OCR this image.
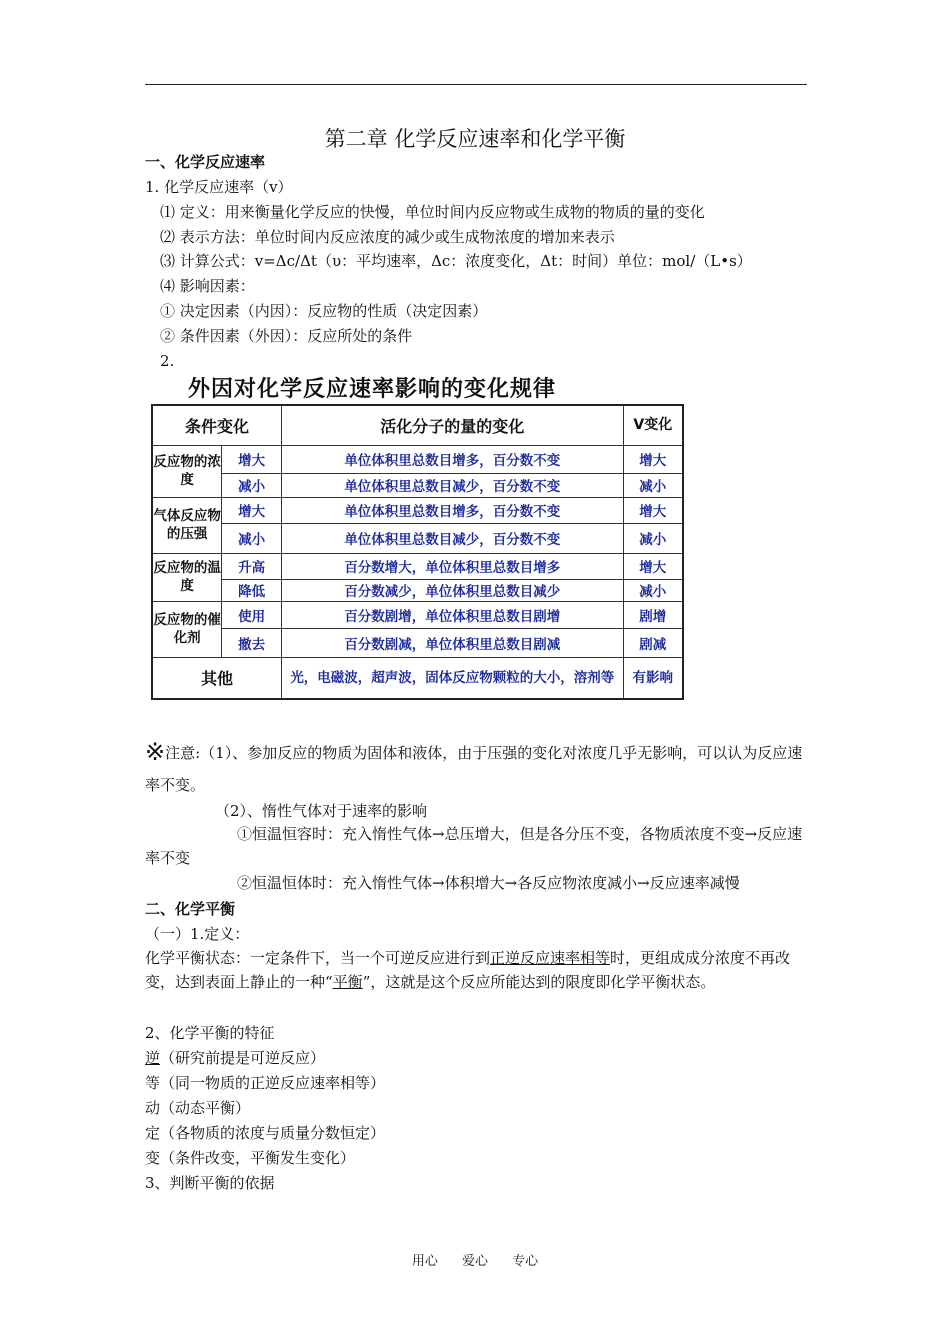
第二章 化学反应速率和化学平衡
一、化学反应速率
1. 化学反应速率（v）
⑴ 定义：用来衡量化学反应的快慢，单位时间内反应物或生成物的物质的量的变化
⑵ 表示方法：单位时间内反应浓度的减少或生成物浓度的增加来表示
⑶ 计算公式：v=Δc/Δt（υ：平均速率，Δc：浓度变化，Δt：时间）单位：mol/（L•s）
⑷ 影响因素：
① 决定因素（内因）：反应物的性质（决定因素）
② 条件因素（外因）：反应所处的条件
2.
外因对化学反应速率影响的变化规律
条件变化		活化分子的量的变化	V变化
反应物的浓度	增大	单位体积里总数目增多，百分数不变	增大
	减小	单位体积里总数目减少，百分数不变	减小
气体反应物的压强	增大	单位体积里总数目增多，百分数不变	增大
	减小	单位体积里总数目减少，百分数不变	减小
反应物的温度	升高	百分数增大，单位体积里总数目增多	增大
	降低	百分数减少，单位体积里总数目减少	减小
反应物的催化剂	使用	百分数剧增，单位体积里总数目剧增	剧增
	撤去	百分数剧减，单位体积里总数目剧减	剧减
其他		光，电磁波，超声波，固体反应物颗粒的大小，溶剂等	有影响
※注意:（1）、参加反应的物质为固体和液体，由于压强的变化对浓度几乎无影响，可以认为反应速率不变。
（2）、惰性气体对于速率的影响
①恒温恒容时：充入惰性气体→总压增大，但是各分压不变，各物质浓度不变→反应速率不变
②恒温恒体时：充入惰性气体→体积增大→各反应物浓度减小→反应速率减慢
二、化学平衡
（一）1.定义：
化学平衡状态：一定条件下，当一个可逆反应进行到正逆反应速率相等时，更组成成分浓度不再改变，达到表面上静止的一种“平衡”，这就是这个反应所能达到的限度即化学平衡状态。
2、化学平衡的特征
逆（研究前提是可逆反应）
等（同一物质的正逆反应速率相等）
动（动态平衡）
定（各物质的浓度与质量分数恒定）
变（条件改变，平衡发生变化）
3、判断平衡的依据
用心 爱心 专心
